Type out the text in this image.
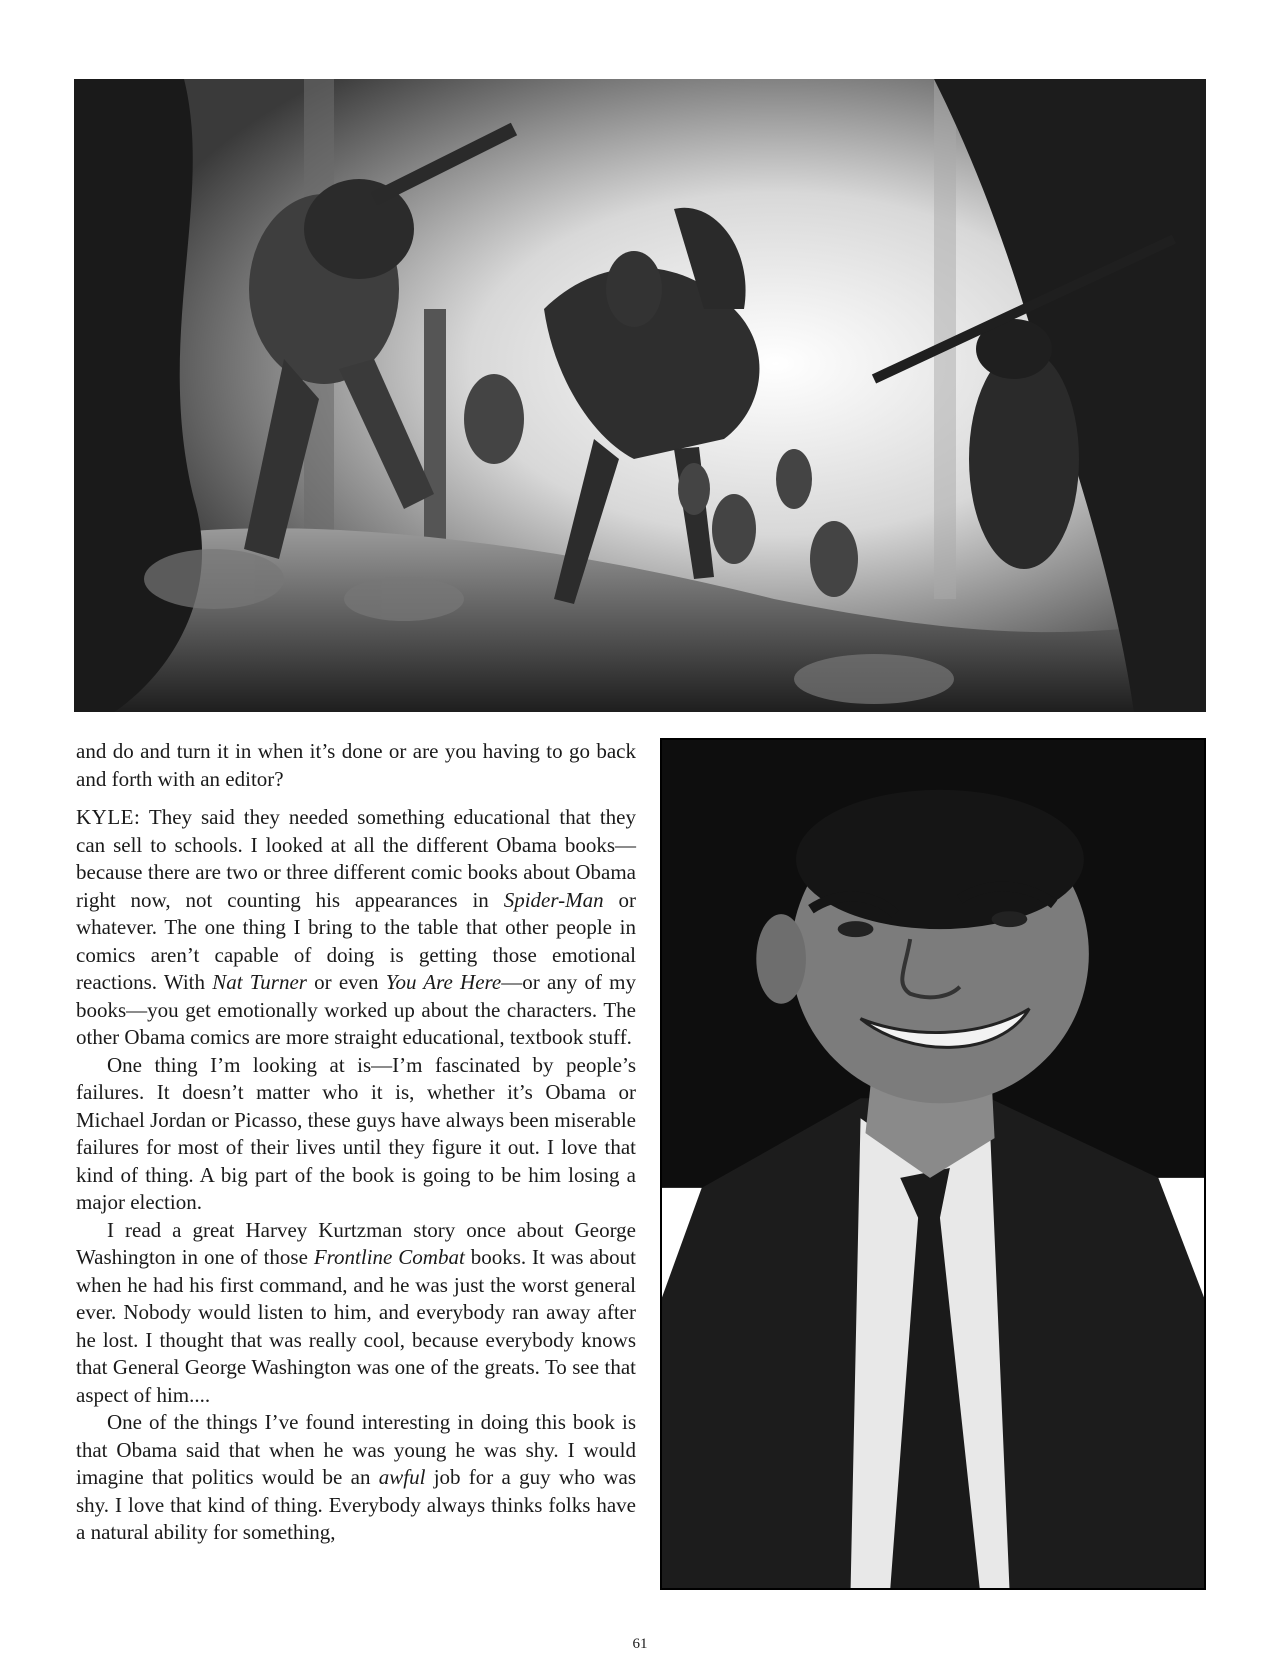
and do and turn it in when it’s done or are you having to go back and forth with an editor?

KYLE: They said they needed something educational that they can sell to schools. I looked at all the different Obama books—because there are two or three different comic books about Obama right now, not counting his appearances in Spider-Man or whatever. The one thing I bring to the table that other people in comics aren’t capable of doing is getting those emotional reactions. With Nat Turner or even You Are Here—or any of my books—you get emotionally worked up about the characters. The other Obama comics are more straight educational, textbook stuff.

One thing I’m looking at is—I’m fascinated by people’s failures. It doesn’t matter who it is, whether it’s Obama or Michael Jordan or Picasso, these guys have always been miserable failures for most of their lives until they figure it out. I love that kind of thing. A big part of the book is going to be him losing a major election.

I read a great Harvey Kurtzman story once about George Washington in one of those Frontline Combat books. It was about when he had his first command, and he was just the worst general ever. Nobody would listen to him, and everybody ran away after he lost. I thought that was really cool, because everybody knows that General George Washington was one of the greats. To see that aspect of him....

One of the things I’ve found interesting in doing this book is that Obama said that when he was young he was shy. I would imagine that politics would be an awful job for a guy who was shy. I love that kind of thing. Everybody always thinks folks have a natural ability for something,

61
